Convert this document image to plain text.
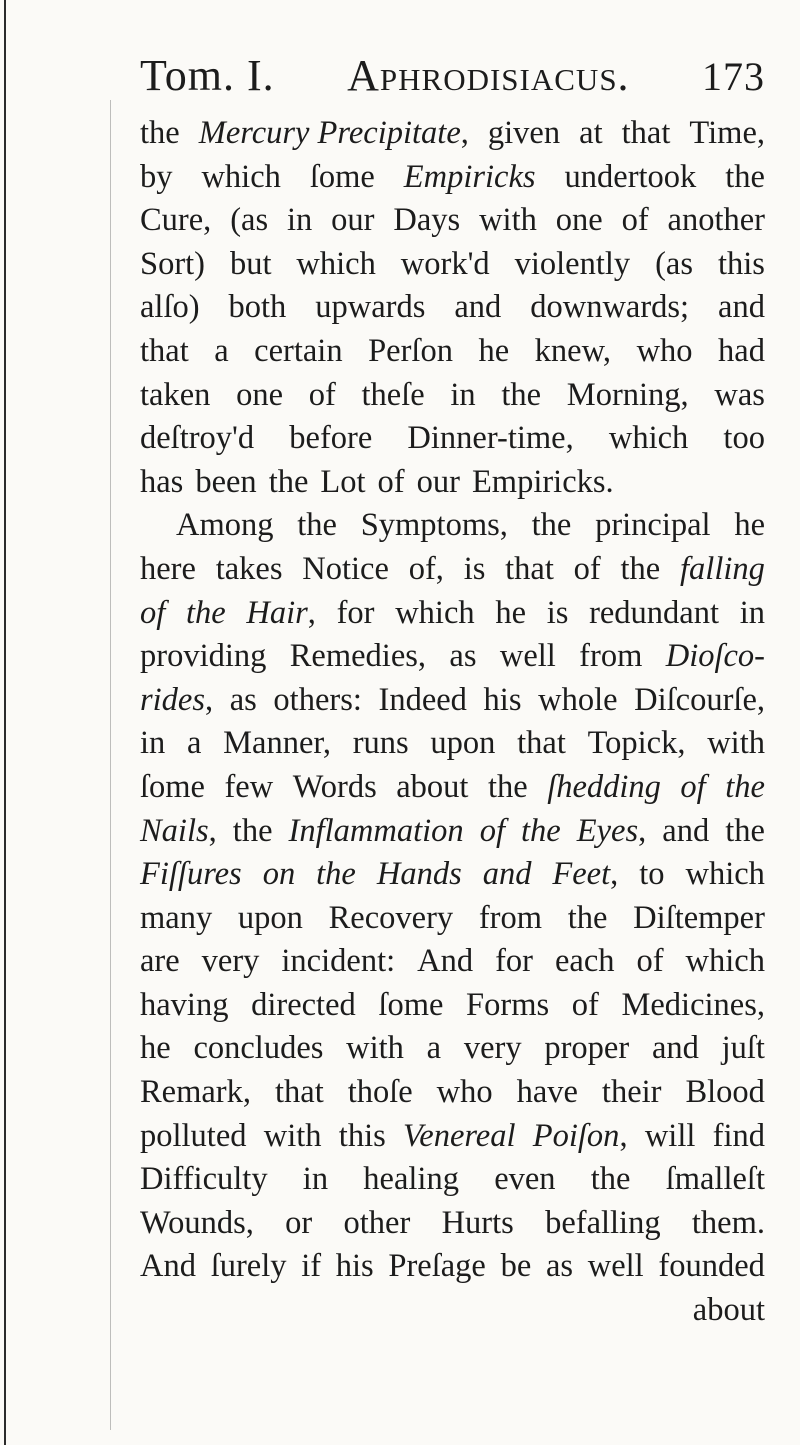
Tom. I. Aphrodisiacus. 173
the Mercury Precipitate, given at that Time,
by which ſome Empiricks undertook the
Cure, (as in our Days with one of another
Sort) but which work'd violently (as this
alſo) both upwards and downwards; and
that a certain Perſon he knew, who had
taken one of theſe in the Morning, was
deſtroy'd before Dinner-time, which too
has been the Lot of our Empiricks.
Among the Symptoms, the principal he
here takes Notice of, is that of the falling
of the Hair, for which he is redundant in
providing Remedies, as well from Dioſco-
rides, as others: Indeed his whole Diſcourſe,
in a Manner, runs upon that Topick, with
ſome few Words about the ſhedding of the
Nails, the Inflammation of the Eyes, and the
Fiſſures on the Hands and Feet, to which
many upon Recovery from the Diſtemper
are very incident: And for each of which
having directed ſome Forms of Medicines,
he concludes with a very proper and juſt
Remark, that thoſe who have their Blood
polluted with this Venereal Poiſon, will find
Difficulty in healing even the ſmalleſt
Wounds, or other Hurts befalling them.
And ſurely if his Preſage be as well founded
about
